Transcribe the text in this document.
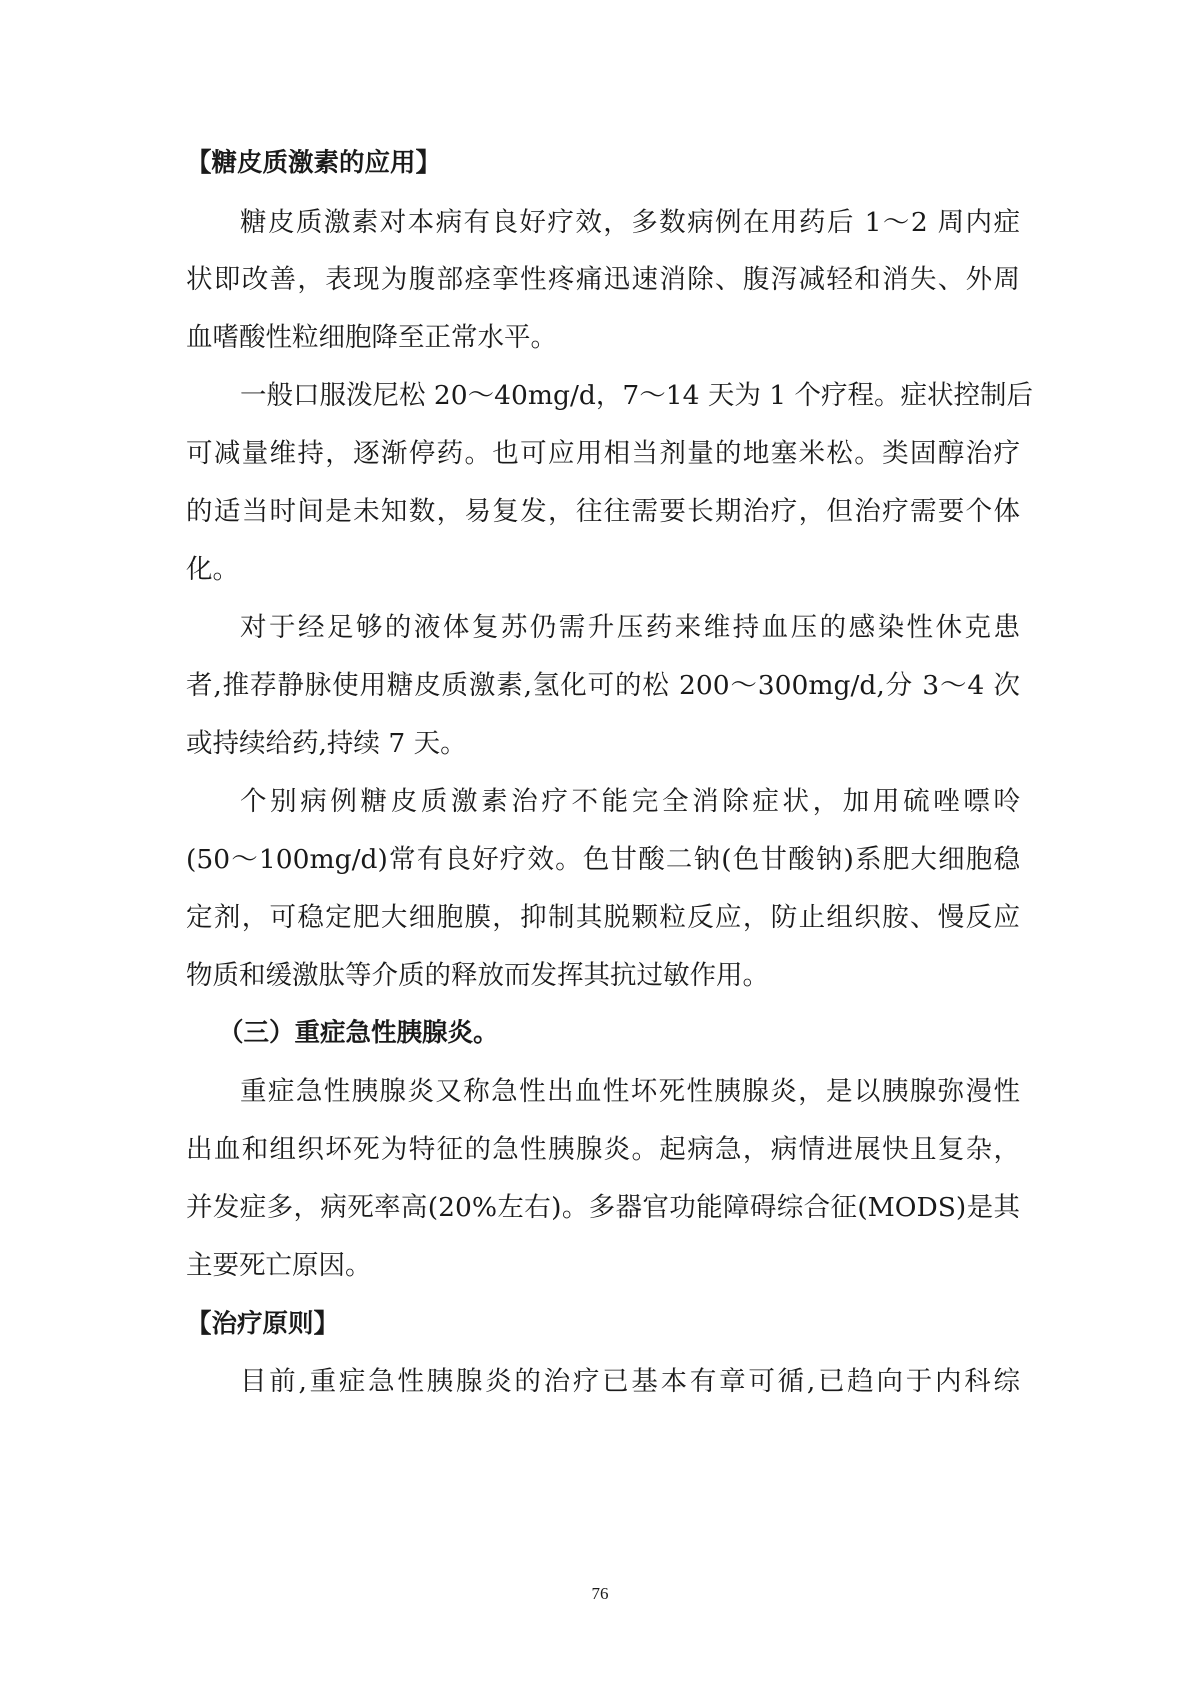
【糖皮质激素的应用】
糖皮质激素对本病有良好疗效，多数病例在用药后 1～2 周内症
状即改善，表现为腹部痉挛性疼痛迅速消除、腹泻减轻和消失、外周
血嗜酸性粒细胞降至正常水平。
一般口服泼尼松 20～40mg/d，7～14 天为 1 个疗程。症状控制后
可减量维持，逐渐停药。也可应用相当剂量的地塞米松。类固醇治疗
的适当时间是未知数，易复发，往往需要长期治疗，但治疗需要个体
化。
对于经足够的液体复苏仍需升压药来维持血压的感染性休克患
者,推荐静脉使用糖皮质激素,氢化可的松 200～300mg/d,分 3～4 次
或持续给药,持续 7 天。
个别病例糖皮质激素治疗不能完全消除症状，加用硫唑嘌呤
(50～100mg/d)常有良好疗效。色甘酸二钠(色甘酸钠)系肥大细胞稳
定剂，可稳定肥大细胞膜，抑制其脱颗粒反应，防止组织胺、慢反应
物质和缓激肽等介质的释放而发挥其抗过敏作用。
（三）重症急性胰腺炎。
重症急性胰腺炎又称急性出血性坏死性胰腺炎，是以胰腺弥漫性
出血和组织坏死为特征的急性胰腺炎。起病急，病情进展快且复杂，
并发症多，病死率高(20%左右)。多器官功能障碍综合征(MODS)是其
主要死亡原因。
【治疗原则】
目前,重症急性胰腺炎的治疗已基本有章可循,已趋向于内科综
76
